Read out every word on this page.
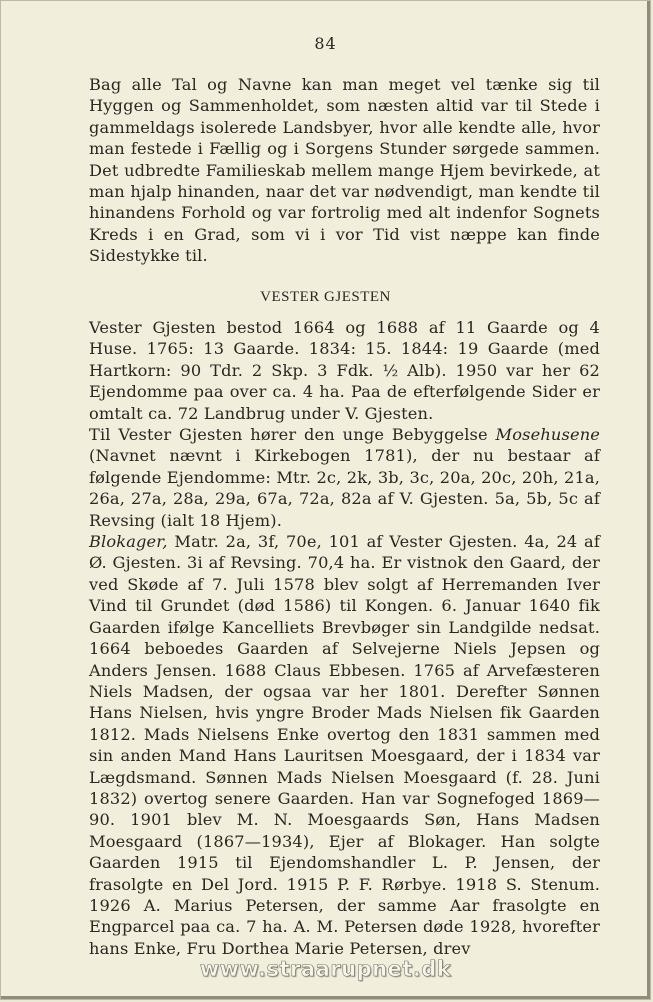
84

Bag alle Tal og Navne kan man meget vel tænke sig til Hyggen og Sammenholdet, som næsten altid var til Stede i gammeldags isolerede Landsbyer, hvor alle kendte alle, hvor man festede i Fællig og i Sorgens Stunder sørgede sammen. Det udbredte Familieskab mellem mange Hjem bevirkede, at man hjalp hinanden, naar det var nødvendigt, man kendte til hinandens Forhold og var fortrolig med alt indenfor Sognets Kreds i en Grad, som vi i vor Tid vist næppe kan finde Sidestykke til.

VESTER GJESTEN

Vester Gjesten bestod 1664 og 1688 af 11 Gaarde og 4 Huse. 1765: 13 Gaarde. 1834: 15. 1844: 19 Gaarde (med Hartkorn: 90 Tdr. 2 Skp. 3 Fdk. ½ Alb). 1950 var her 62 Ejendomme paa over ca. 4 ha. Paa de efterfølgende Sider er omtalt ca. 72 Landbrug under V. Gjesten.

Til Vester Gjesten hører den unge Bebyggelse Mosehusene (Navnet nævnt i Kirkebogen 1781), der nu bestaar af følgende Ejendomme: Mtr. 2c, 2k, 3b, 3c, 20a, 20c, 20h, 21a, 26a, 27a, 28a, 29a, 67a, 72a, 82a af V. Gjesten. 5a, 5b, 5c af Revsing (ialt 18 Hjem).

Blokager, Matr. 2a, 3f, 70e, 101 af Vester Gjesten. 4a, 24 af Ø. Gjesten. 3i af Revsing. 70,4 ha. Er vistnok den Gaard, der ved Skøde af 7. Juli 1578 blev solgt af Herremanden Iver Vind til Grundet (død 1586) til Kongen. 6. Januar 1640 fik Gaarden ifølge Kancelliets Brevbøger sin Landgilde nedsat. 1664 beboedes Gaarden af Selvejerne Niels Jepsen og Anders Jensen. 1688 Claus Ebbesen. 1765 af Arvefæsteren Niels Madsen, der ogsaa var her 1801. Derefter Sønnen Hans Nielsen, hvis yngre Broder Mads Nielsen fik Gaarden 1812. Mads Nielsens Enke overtog den 1831 sammen med sin anden Mand Hans Lauritsen Moesgaard, der i 1834 var Lægdsmand. Sønnen Mads Nielsen Moesgaard (f. 28. Juni 1832) overtog senere Gaarden. Han var Sognefoged 1869—90. 1901 blev M. N. Moesgaards Søn, Hans Madsen Moesgaard (1867—1934), Ejer af Blokager. Han solgte Gaarden 1915 til Ejendomshandler L. P. Jensen, der frasolgte en Del Jord. 1915 P. F. Rørbye. 1918 S. Stenum. 1926 A. Marius Petersen, der samme Aar frasolgte en Engparcel paa ca. 7 ha. A. M. Petersen døde 1928, hvorefter hans Enke, Fru Dorthea Marie Petersen, drev

www.straarupnet.dk
